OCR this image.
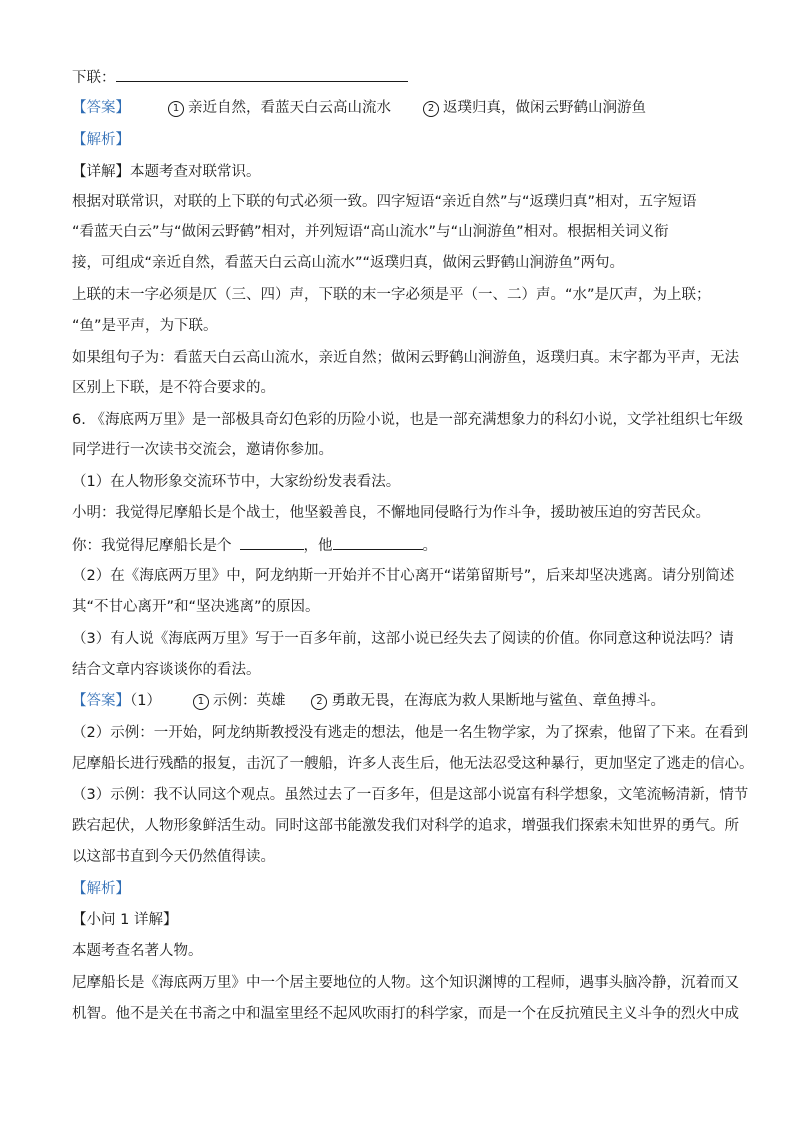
下联：
【答案】	1 亲近自然，看蓝天白云高山流水	2 返璞归真，做闲云野鹤山涧游鱼
【解析】
【详解】本题考查对联常识。
根据对联常识，对联的上下联的句式必须一致。四字短语“亲近自然”与“返璞归真”相对，五字短语
“看蓝天白云”与“做闲云野鹤”相对，并列短语“高山流水”与“山涧游鱼”相对。根据相关词义衔
接，可组成“亲近自然，看蓝天白云高山流水”“返璞归真，做闲云野鹤山涧游鱼”两句。
上联的末一字必须是仄（三、四）声，下联的末一字必须是平（一、二）声。“水”是仄声，为上联；
“鱼”是平声，为下联。
如果组句子为：看蓝天白云高山流水，亲近自然；做闲云野鹤山涧游鱼，返璞归真。末字都为平声，无法
区别上下联，是不符合要求的。
6. 《海底两万里》是一部极具奇幻色彩的历险小说，也是一部充满想象力的科幻小说，文学社组织七年级
同学进行一次读书交流会，邀请你参加。
（1）在人物形象交流环节中，大家纷纷发表看法。
小明：我觉得尼摩船长是个战士，他坚毅善良，不懈地同侵略行为作斗争，援助被压迫的穷苦民众。
你：我觉得尼摩船长是个	，他	。
（2）在《海底两万里》中，阿龙纳斯一开始并不甘心离开“诺第留斯号”，后来却坚决逃离。请分别简述
其“不甘心离开”和“坚决逃离”的原因。
（3）有人说《海底两万里》写于一百多年前，这部小说已经失去了阅读的价值。你同意这种说法吗？请
结合文章内容谈谈你的看法。
【答案】（1）	1 示例：英雄	2 勇敢无畏，在海底为救人果断地与鲨鱼、章鱼搏斗。
（2）示例：一开始，阿龙纳斯教授没有逃走的想法，他是一名生物学家，为了探索，他留了下来。在看到
尼摩船长进行残酷的报复，击沉了一艘船，许多人丧生后，他无法忍受这种暴行，更加坚定了逃走的信心。
（3）示例：我不认同这个观点。虽然过去了一百多年，但是这部小说富有科学想象，文笔流畅清新，情节
跌宕起伏，人物形象鲜活生动。同时这部书能激发我们对科学的追求，增强我们探索未知世界的勇气。所
以这部书直到今天仍然值得读。
【解析】
【小问 1 详解】
本题考查名著人物。
尼摩船长是《海底两万里》中一个居主要地位的人物。这个知识渊博的工程师，遇事头脑冷静，沉着而又
机智。他不是关在书斋之中和温室里经不起风吹雨打的科学家，而是一个在反抗殖民主义斗争的烈火中成
